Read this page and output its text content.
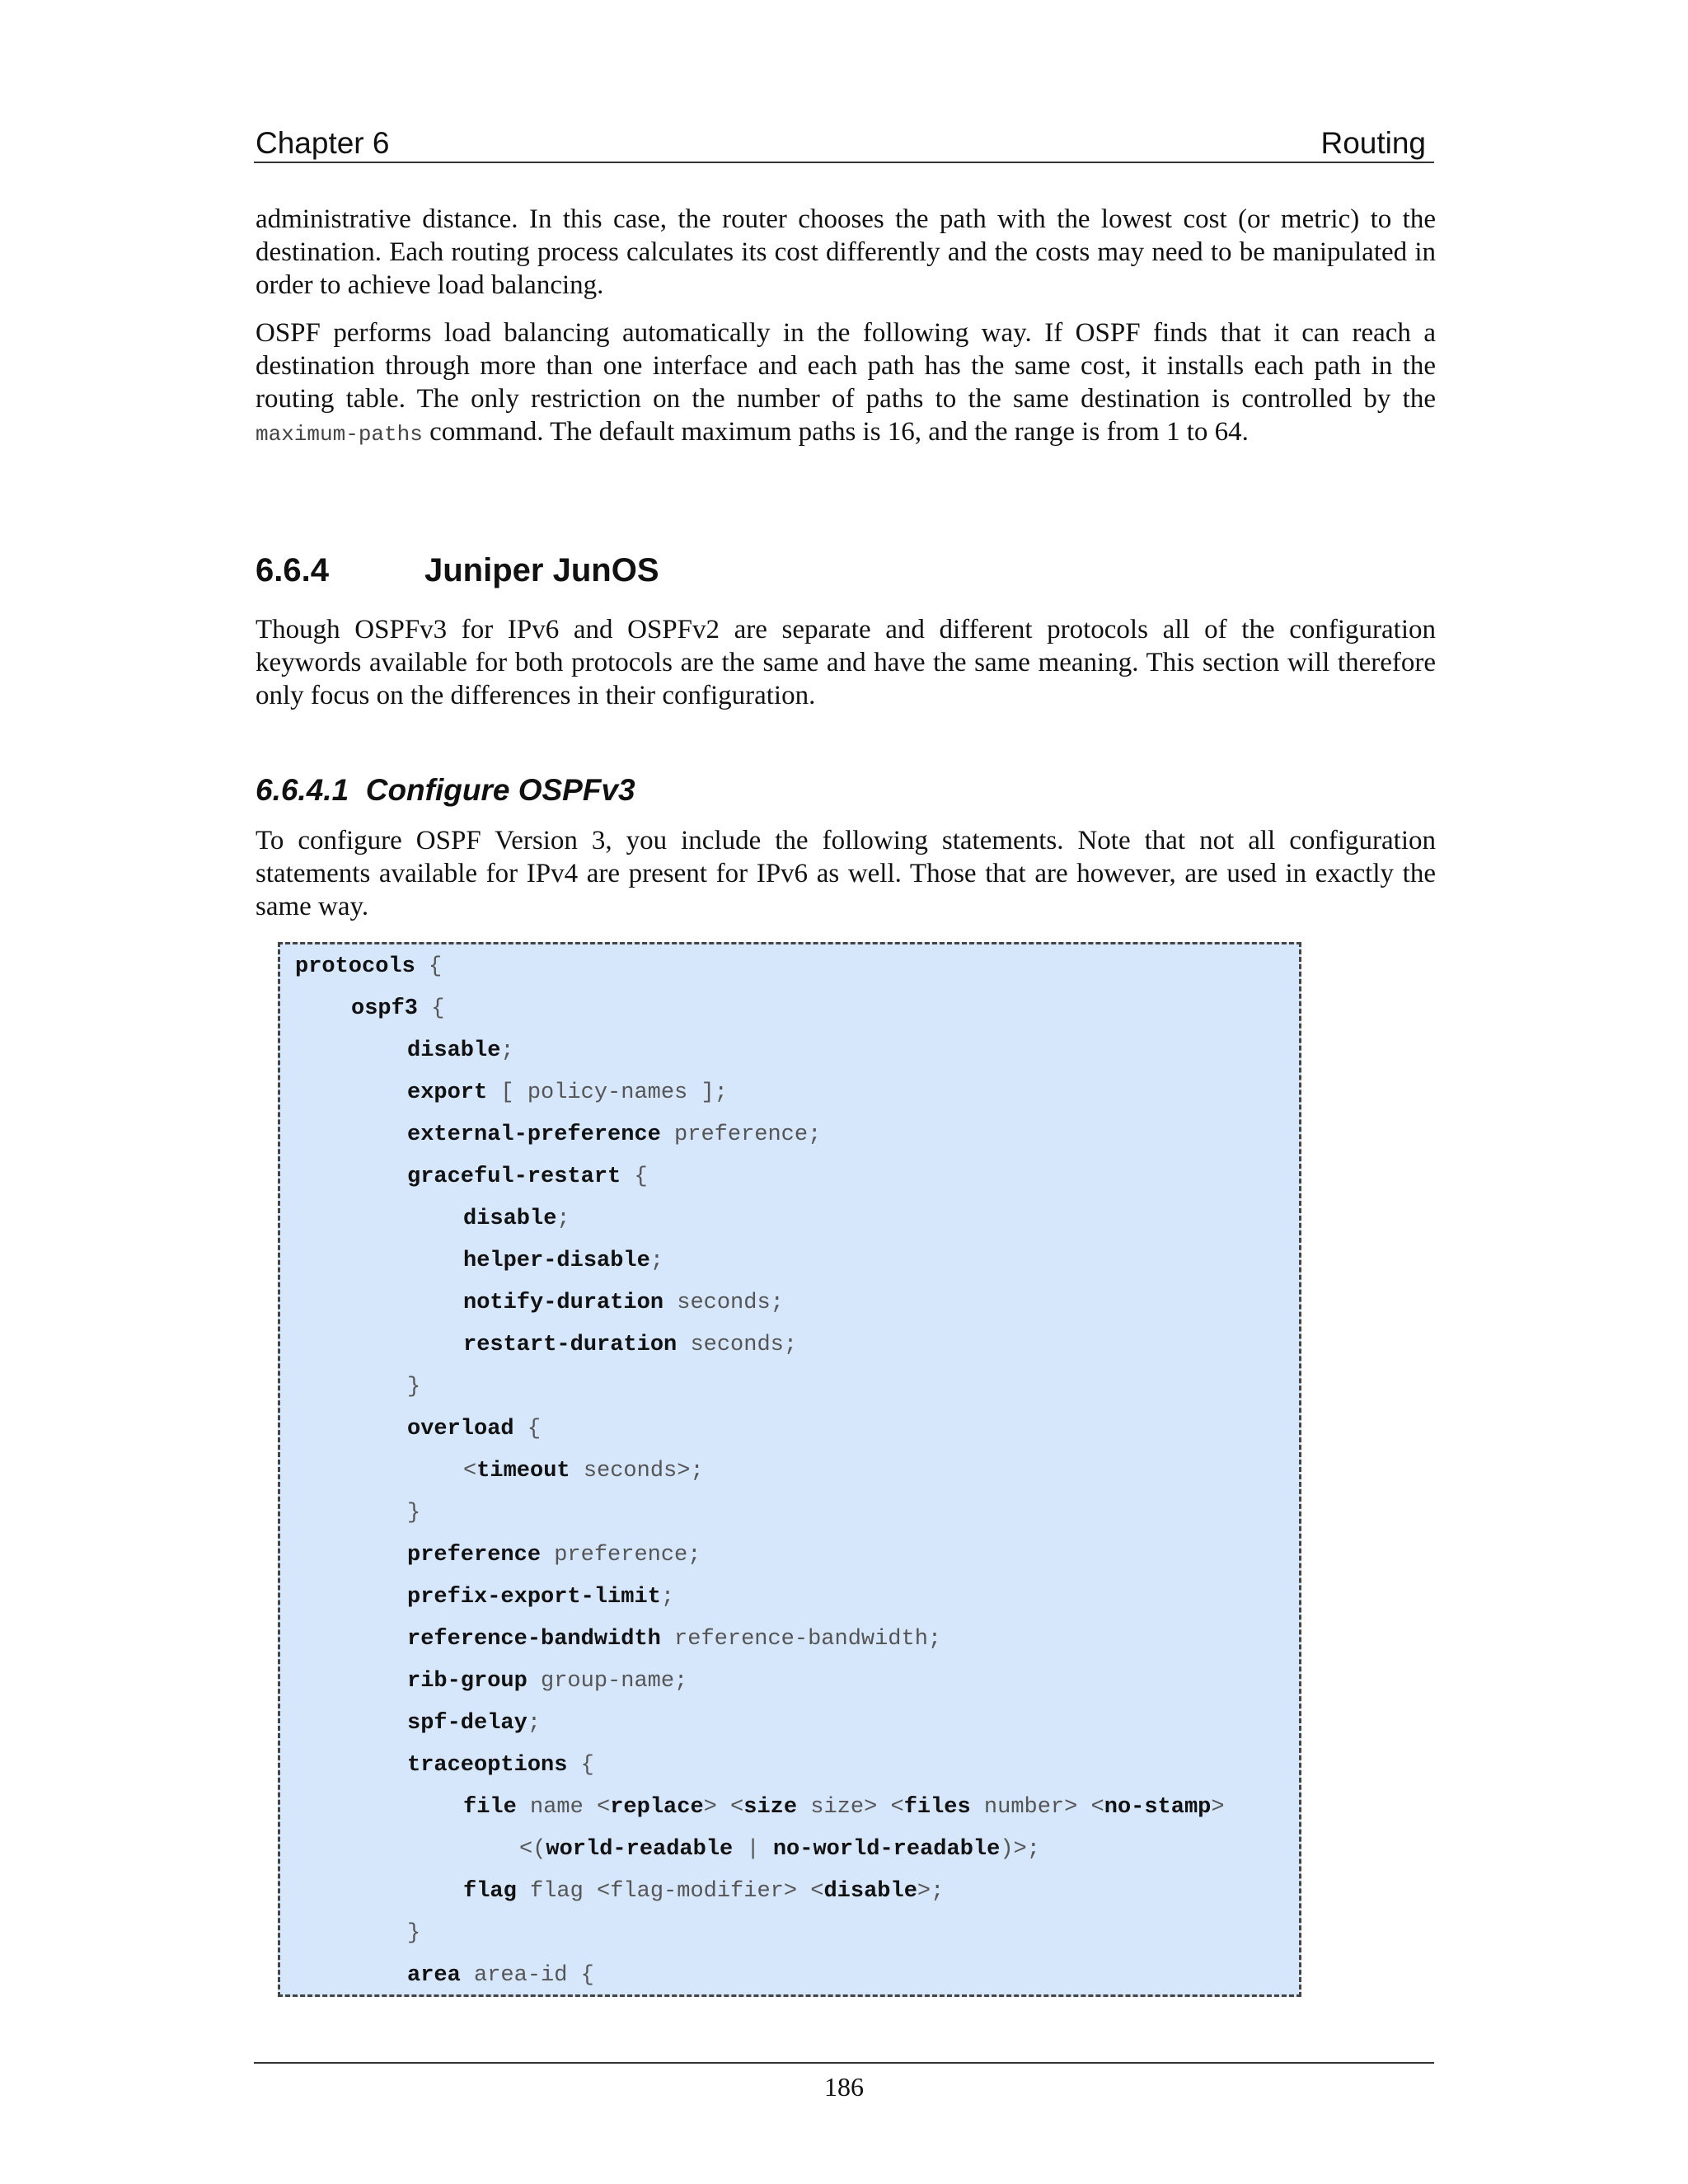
Chapter 6	Routing

administrative distance. In this case, the router chooses the path with the lowest cost (or metric) to the destination. Each routing process calculates its cost differently and the costs may need to be manipulated in order to achieve load balancing.

OSPF performs load balancing automatically in the following way. If OSPF finds that it can reach a destination through more than one interface and each path has the same cost, it installs each path in the routing table. The only restriction on the number of paths to the same destination is controlled by the maximum-paths command. The default maximum paths is 16, and the range is from 1 to 64.

6.6.4	Juniper JunOS

Though OSPFv3 for IPv6 and OSPFv2 are separate and different protocols all of the configuration keywords available for both protocols are the same and have the same meaning. This section will therefore only focus on the differences in their configuration.

6.6.4.1 Configure OSPFv3

To configure OSPF Version 3, you include the following statements. Note that not all configuration statements available for IPv4 are present for IPv6 as well. Those that are however, are used in exactly the same way.

protocols {
ospf3 {
disable;
export [ policy-names ];
external-preference preference;
graceful-restart {
disable;
helper-disable;
notify-duration seconds;
restart-duration seconds;
}
overload {
<timeout seconds>;
}
preference preference;
prefix-export-limit;
reference-bandwidth reference-bandwidth;
rib-group group-name;
spf-delay;
traceoptions {
file name <replace> <size size> <files number> <no-stamp>
<(world-readable | no-world-readable)>;
flag flag <flag-modifier> <disable>;
}
area area-id {
186
